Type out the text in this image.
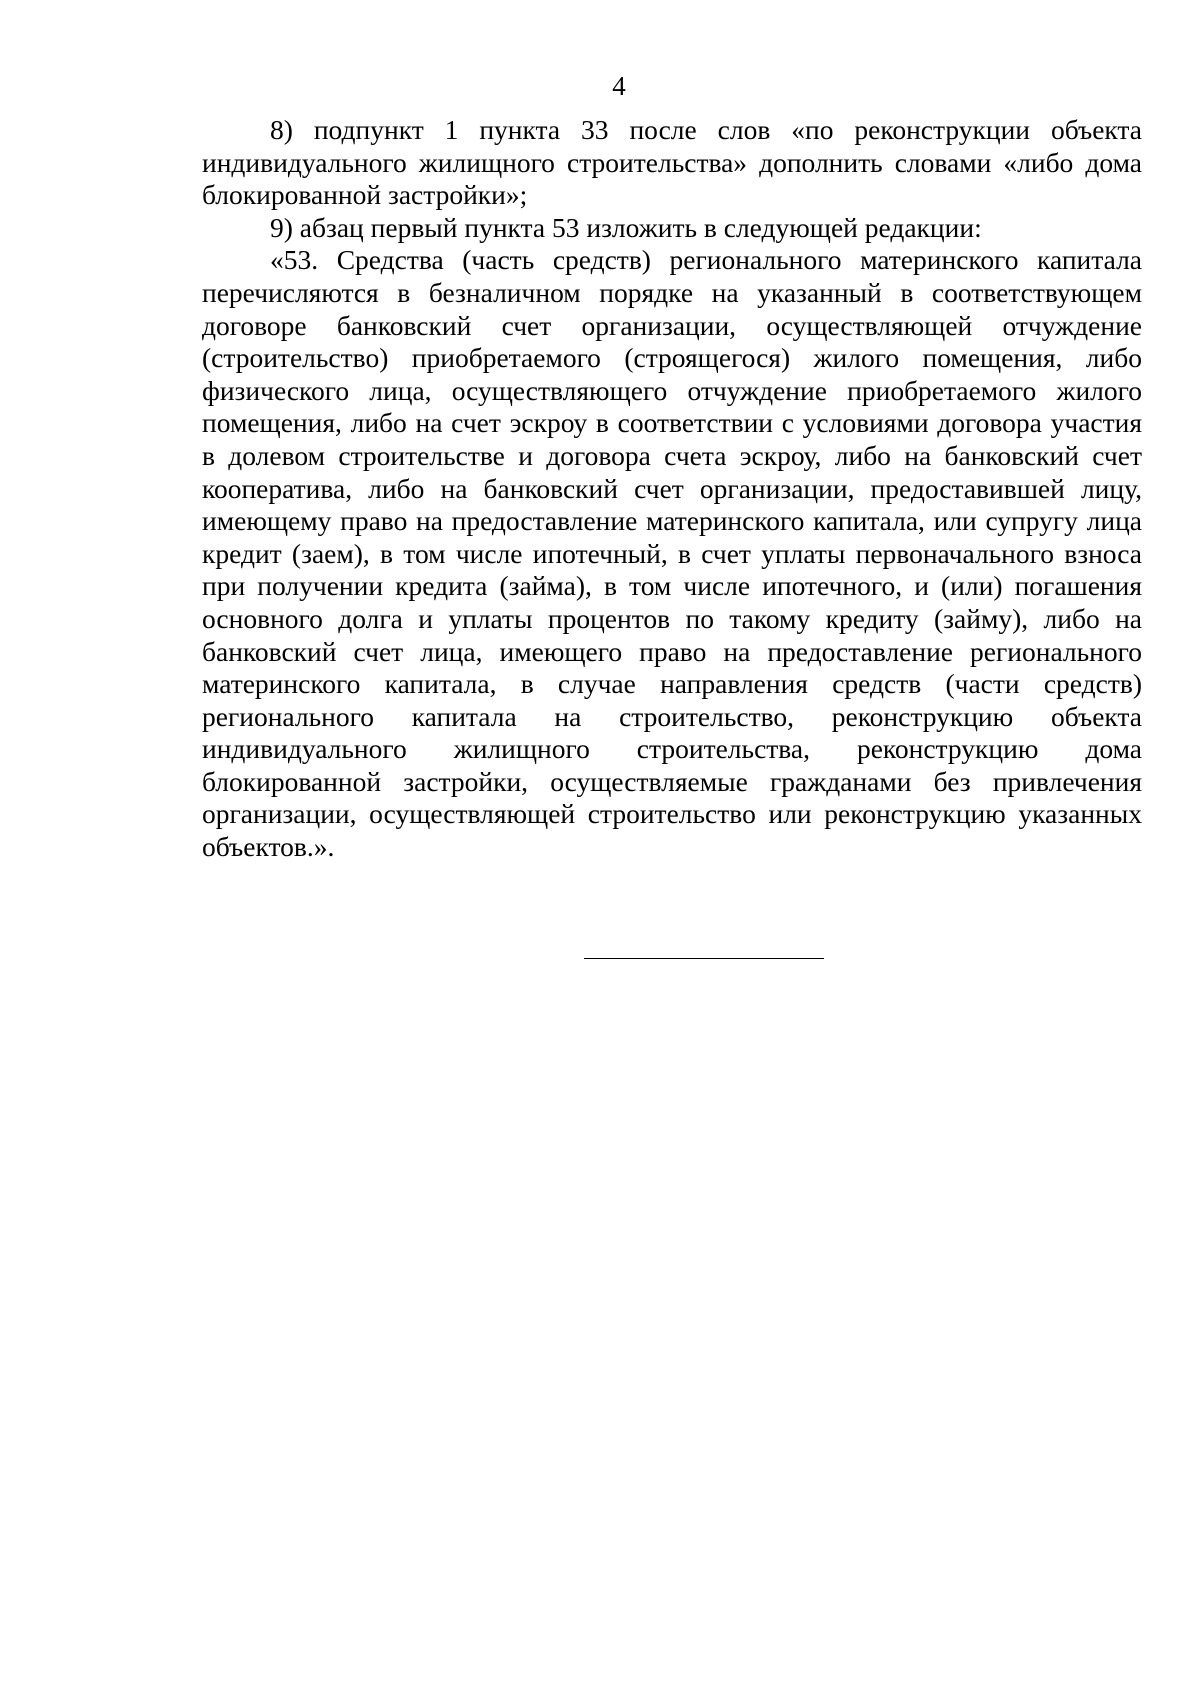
4

8) подпункт 1 пункта 33 после слов «по реконструкции объекта индивидуального жилищного строительства» дополнить словами «либо дома блокированной застройки»;

9) абзац первый пункта 53 изложить в следующей редакции:

«53. Средства (часть средств) регионального материнского капитала перечисляются в безналичном порядке на указанный в соответствующем договоре банковский счет организации, осуществляющей отчуждение (строительство) приобретаемого (строящегося) жилого помещения, либо физического лица, осуществляющего отчуждение приобретаемого жилого помещения, либо на счет эскроу в соответствии с условиями договора участия в долевом строительстве и договора счета эскроу, либо на банковский счет кооператива, либо на банковский счет организации, предоставившей лицу, имеющему право на предоставление материнского капитала, или супругу лица кредит (заем), в том числе ипотечный, в счет уплаты первоначального взноса при получении кредита (займа), в том числе ипотечного, и (или) погашения основного долга и уплаты процентов по такому кредиту (займу), либо на банковский счет лица, имеющего право на предоставление регионального материнского капитала, в случае направления средств (части средств) регионального капитала на строительство, реконструкцию объекта индивидуального жилищного строительства, реконструкцию дома блокированной застройки, осуществляемые гражданами без привлечения организации, осуществляющей строительство или реконструкцию указанных объектов.».
